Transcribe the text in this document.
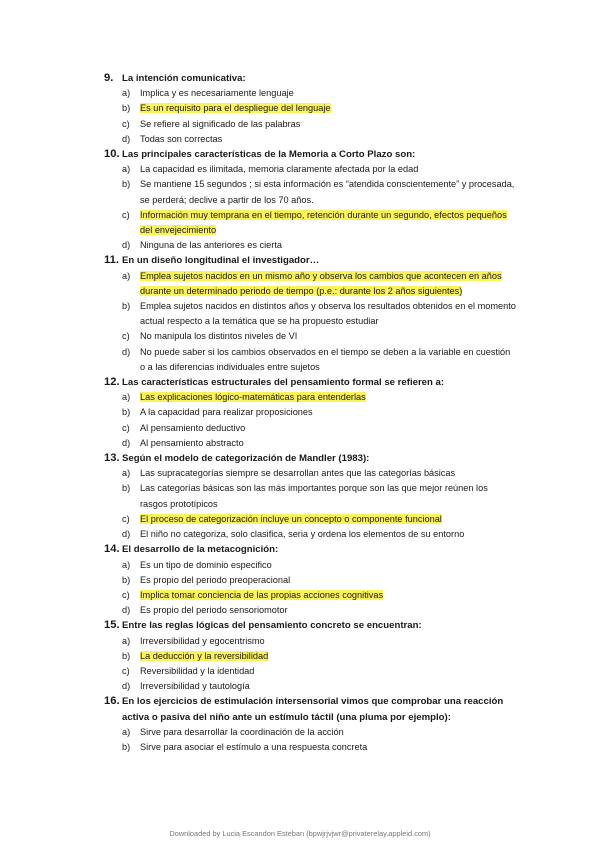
9. La intención comunicativa:
a)	Implica y es necesariamente lenguaje
b)	Es un requisito para el despliegue del lenguaje
c)	Se refiere al significado de las palabras
d)	Todas son correctas
10. Las principales características de la Memoria a Corto Plazo son:
a)	La capacidad es ilimitada, memoria claramente afectada por la edad
b)	Se mantiene 15 segundos ; si esta información es “atendida conscientemente” y procesada, se perderá; declive a partir de los 70 años.
c)	Información muy temprana en el tiempo, retención durante un segundo, efectos pequeños del envejecimiento
d)	Ninguna de las anteriores es cierta
11. En un diseño longitudinal el investigador…
a)	Emplea sujetos nacidos en un mismo año y observa los cambios que acontecen en años durante un determinado periodo de tiempo (p.e.: durante los 2 años siguientes)
b)	Emplea sujetos nacidos en distintos años y observa los resultados obtenidos en el momento actual respecto a la temática que se ha propuesto estudiar
c)	No manipula los distintos niveles de VI
d)	No puede saber si los cambios observados en el tiempo se deben a la variable en cuestión o a las diferencias individuales entre sujetos
12. Las características estructurales del pensamiento formal se refieren a:
a)	Las explicaciones lógico-matemáticas para entenderlas
b)	A la capacidad para realizar proposiciones
c)	Al pensamiento deductivo
d)	Al pensamiento abstracto
13. Según el modelo de categorización de Mandler (1983):
a)	Las supracategorías siempre se desarrollan antes que las categorías básicas
b)	Las categorías básicas son las más importantes porque son las que mejor reúnen los rasgos prototípicos
c)	El proceso de categorización incluye un concepto o componente funcional
d)	El niño no categoriza, solo clasifica, seria y ordena los elementos de su entorno
14. El desarrollo de la metacognición:
a)	Es un tipo de dominio especifico
b)	Es propio del periodo preoperacional
c)	Implica tomar conciencia de las propias acciones cognitivas
d)	Es propio del periodo sensoriomotor
15. Entre las reglas lógicas del pensamiento concreto se encuentran:
a)	Irreversibilidad y egocentrismo
b)	La deducción y la reversibilidad
c)	Reversibilidad y la identidad
d)	Irreversibilidad y tautología
16. En los ejercicios de estimulación intersensorial vimos que comprobar una reacción activa o pasiva del niño ante un estímulo táctil (una pluma por ejemplo):
a)	Sirve para desarrollar la coordinación de la acción
b)	Sirve para asociar el estímulo a una respuesta concreta
Downloaded by Lucia Escandon Esteban (bpwjrjvjwr@privaterelay.appleid.com)
